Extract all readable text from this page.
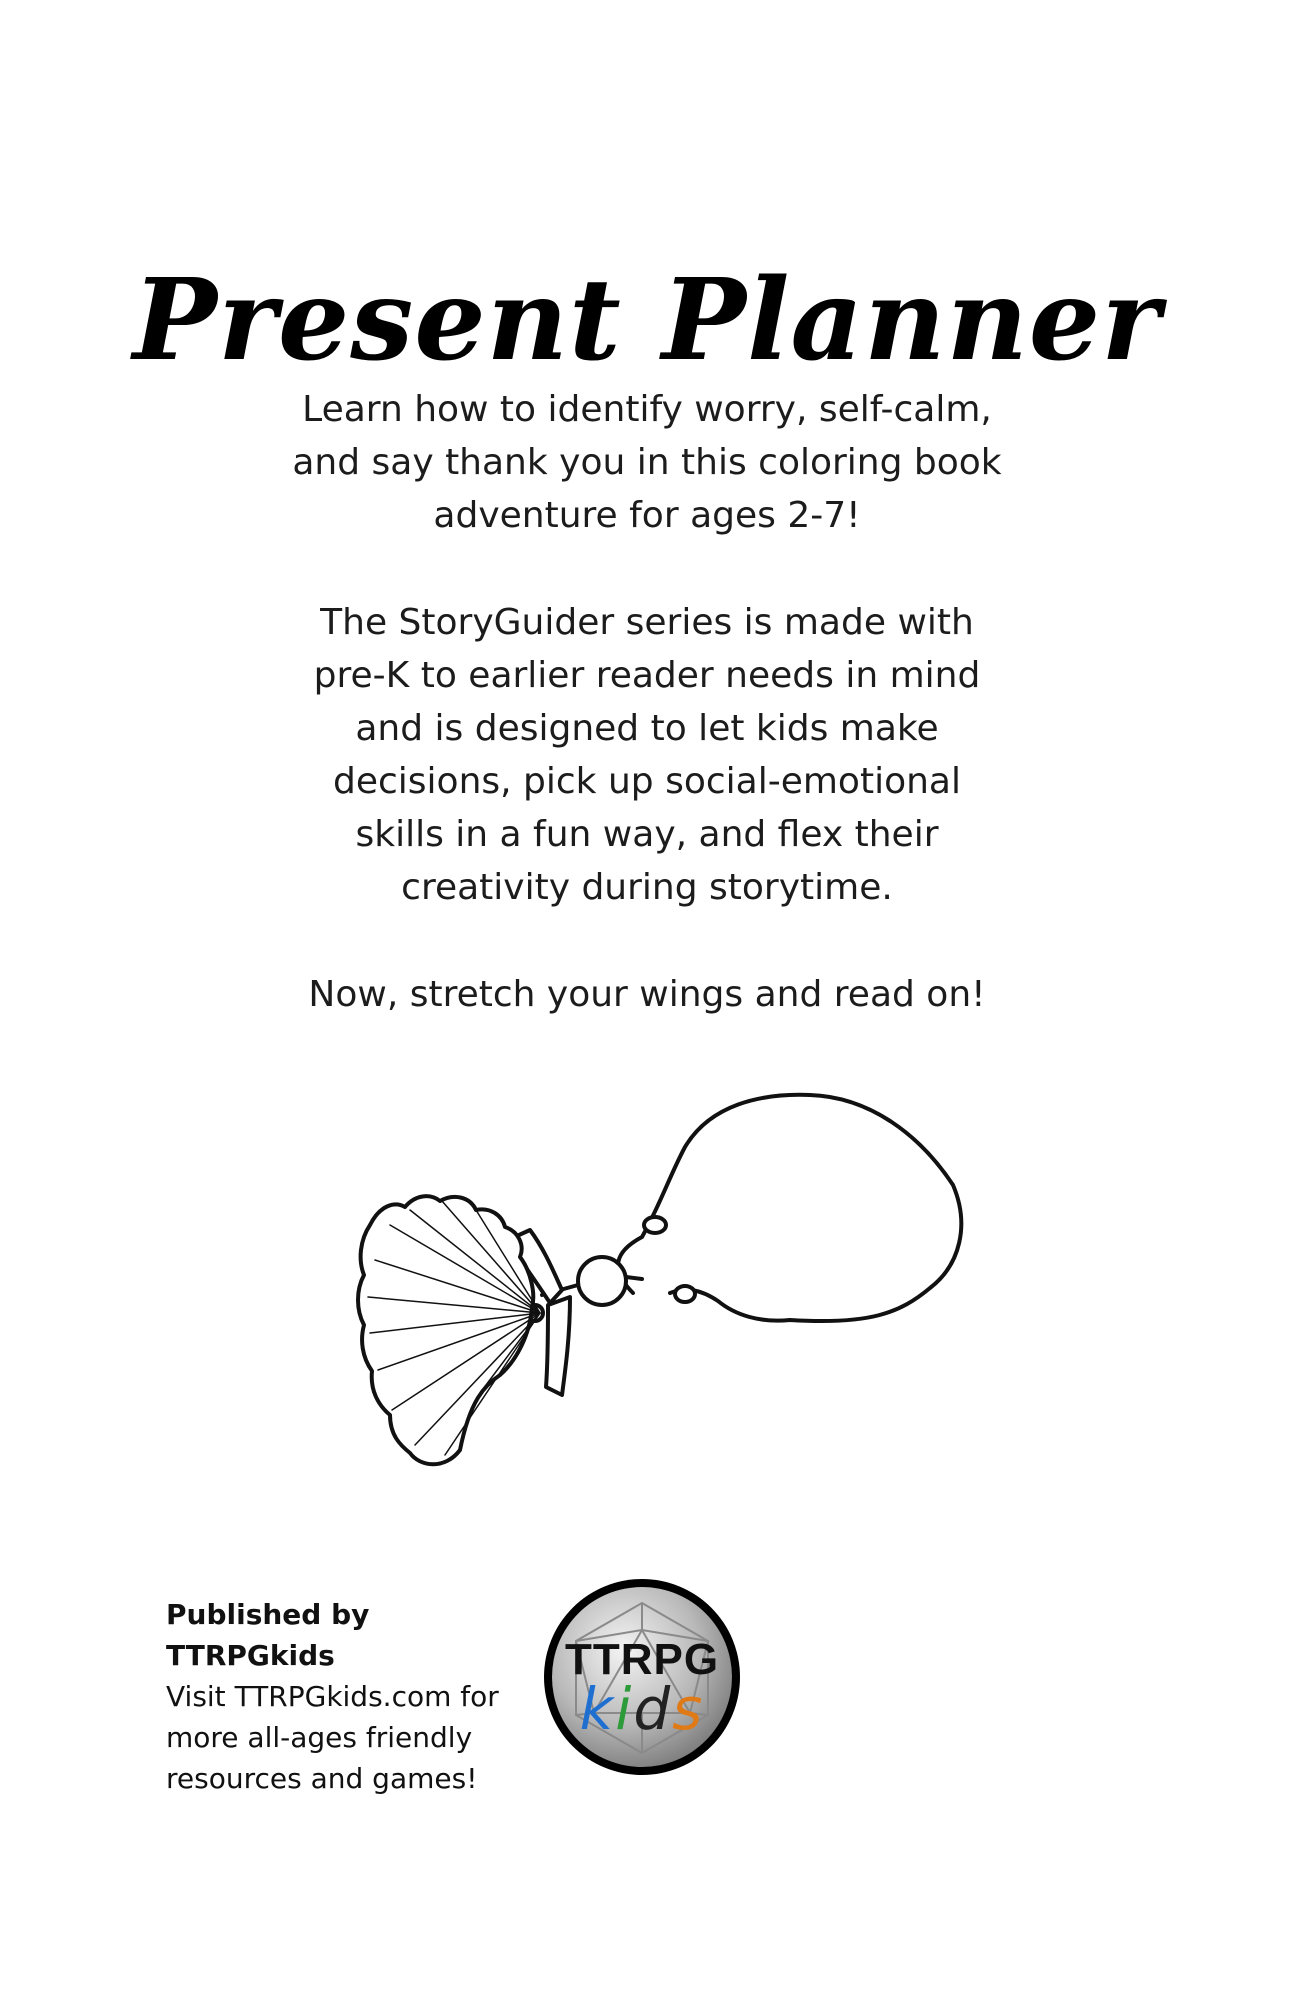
Present Planner

Learn how to identify worry, self-calm,
and say thank you in this coloring book
adventure for ages 2-7!

The StoryGuider series is made with
pre-K to earlier reader needs in mind
and is designed to let kids make
decisions, pick up social-emotional
skills in a fun way, and flex their
creativity during storytime.

Now, stretch your wings and read on!

Published by TTRPGkids
Visit TTRPGkids.com for
more all-ages friendly
resources and games!
TTRPG
kids
